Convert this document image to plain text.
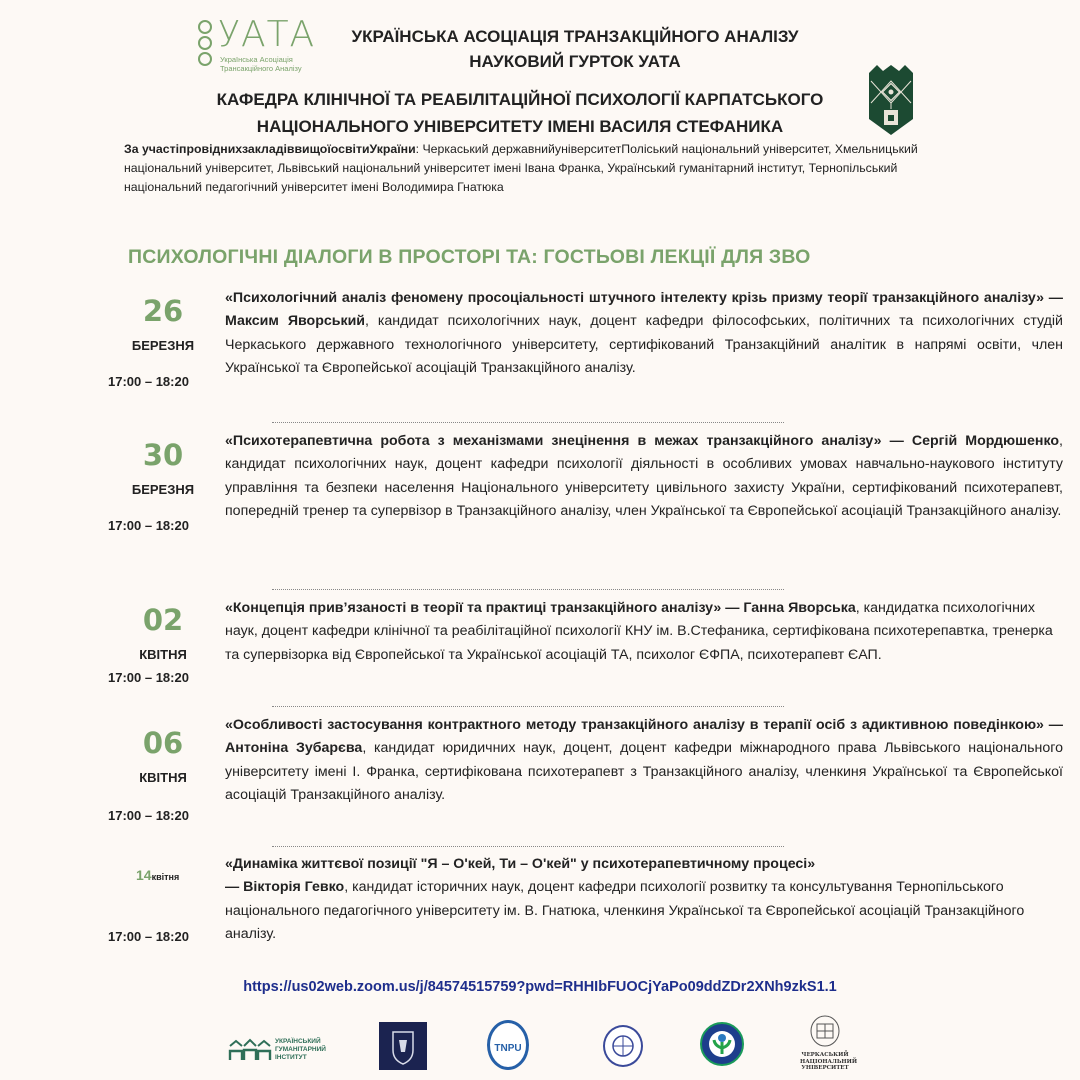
УАТА
Українська Асоціація
Трансакційного Аналізу
УКРАЇНСЬКА АСОЦІАЦІЯ ТРАНЗАКЦІЙНОГО АНАЛІЗУ
НАУКОВИЙ ГУРТОК УАТА
КАФЕДРА КЛІНІЧНОЇ ТА РЕАБІЛІТАЦІЙНОЇ ПСИХОЛОГІЇ КАРПАТСЬКОГО
НАЦІОНАЛЬНОГО УНІВЕРСИТЕТУ ІМЕНІ ВАСИЛЯ СТЕФАНИКА
За участіпровіднихзакладіввищоїосвітиУкраїни: Черкаський державнийуніверситетПоліський національний університет, Хмельницький національний університет, Львівський національний університет імені Івана Франка, Український гуманітарний інститут, Тернопільський національний педагогічний університет імені Володимира Гнатюка
ПСИХОЛОГІЧНІ ДІАЛОГИ В ПРОСТОРІ ТА: ГОСТЬОВІ ЛЕКЦІЇ ДЛЯ ЗВО
26
БЕРЕЗНЯ
17:00 – 18:20
«Психологічний аналіз феномену просоціальності штучного інтелекту крізь призму теорії транзакційного аналізу» —Максим Яворський, кандидат психологічних наук, доцент кафедри філософських, політичних та психологічних студій Черкаського державного технологічного університету, сертифікований Транзакційний аналітик в напрямі освіти, член Української та Європейської асоціацій Транзакційного аналізу.
30
БЕРЕЗНЯ
17:00 – 18:20
«Психотерапевтична робота з механізмами знецінення в межах транзакційного аналізу» — Сергій Мордюшенко, кандидат психологічних наук, доцент кафедри психології діяльності в особливих умовах навчально-наукового інституту управління та безпеки населення Національного університету цивільного захисту України, сертифікований психотерапевт, попередній тренер та супервізор в Транзакційного аналізу, член Української та Європейської асоціацій Транзакційного аналізу.
02
КВІТНЯ
17:00 – 18:20
«Концепція прив’язаності в теорії та практиці транзакційного аналізу» — Ганна Яворська, кандидатка психологічних наук, доцент кафедри клінічної та реабілітаційної психології КНУ ім. В.Стефаника, сертифікована психотерепавтка, тренерка та супервізорка від Європейської та Української асоціацій ТА, психолог ЄФПА, психотерапевт ЄАП.
06
КВІТНЯ
17:00 – 18:20
«Особливості застосування контрактного методу транзакційного аналізу в терапії осіб з адиктивною поведінкою» — Антоніна Зубарєва, кандидат юридичних наук, доцент, доцент кафедри міжнародного права Львівського національного університету імені І. Франка, сертифікована психотерапевт з Транзакційного аналізу, членкиня Української та Європейської асоціацій Транзакційного аналізу.
14квітня
17:00 – 18:20
«Динаміка життєвої позиції "Я – О'кей, Ти – О'кей" у психотерапевтичному процесі»
— Вікторія Гевко, кандидат історичних наук, доцент кафедри психології розвитку та консультування Тернопільського національного педагогічного університету ім. В. Гнатюка, членкиня Української та Європейської асоціацій Транзакційного аналізу.
https://us02web.zoom.us/j/84574515759?pwd=RHHIbFUOCjYaPo09ddZDr2XNh9zkS1.1
УКРАЇНСЬКИЙ
ГУМАНІТАРНИЙ
ІНСТИТУТ
TNPU
ЧЕРКАСЬКИЙ
НАЦІОНАЛЬНИЙ
УНІВЕРСИТЕТ
